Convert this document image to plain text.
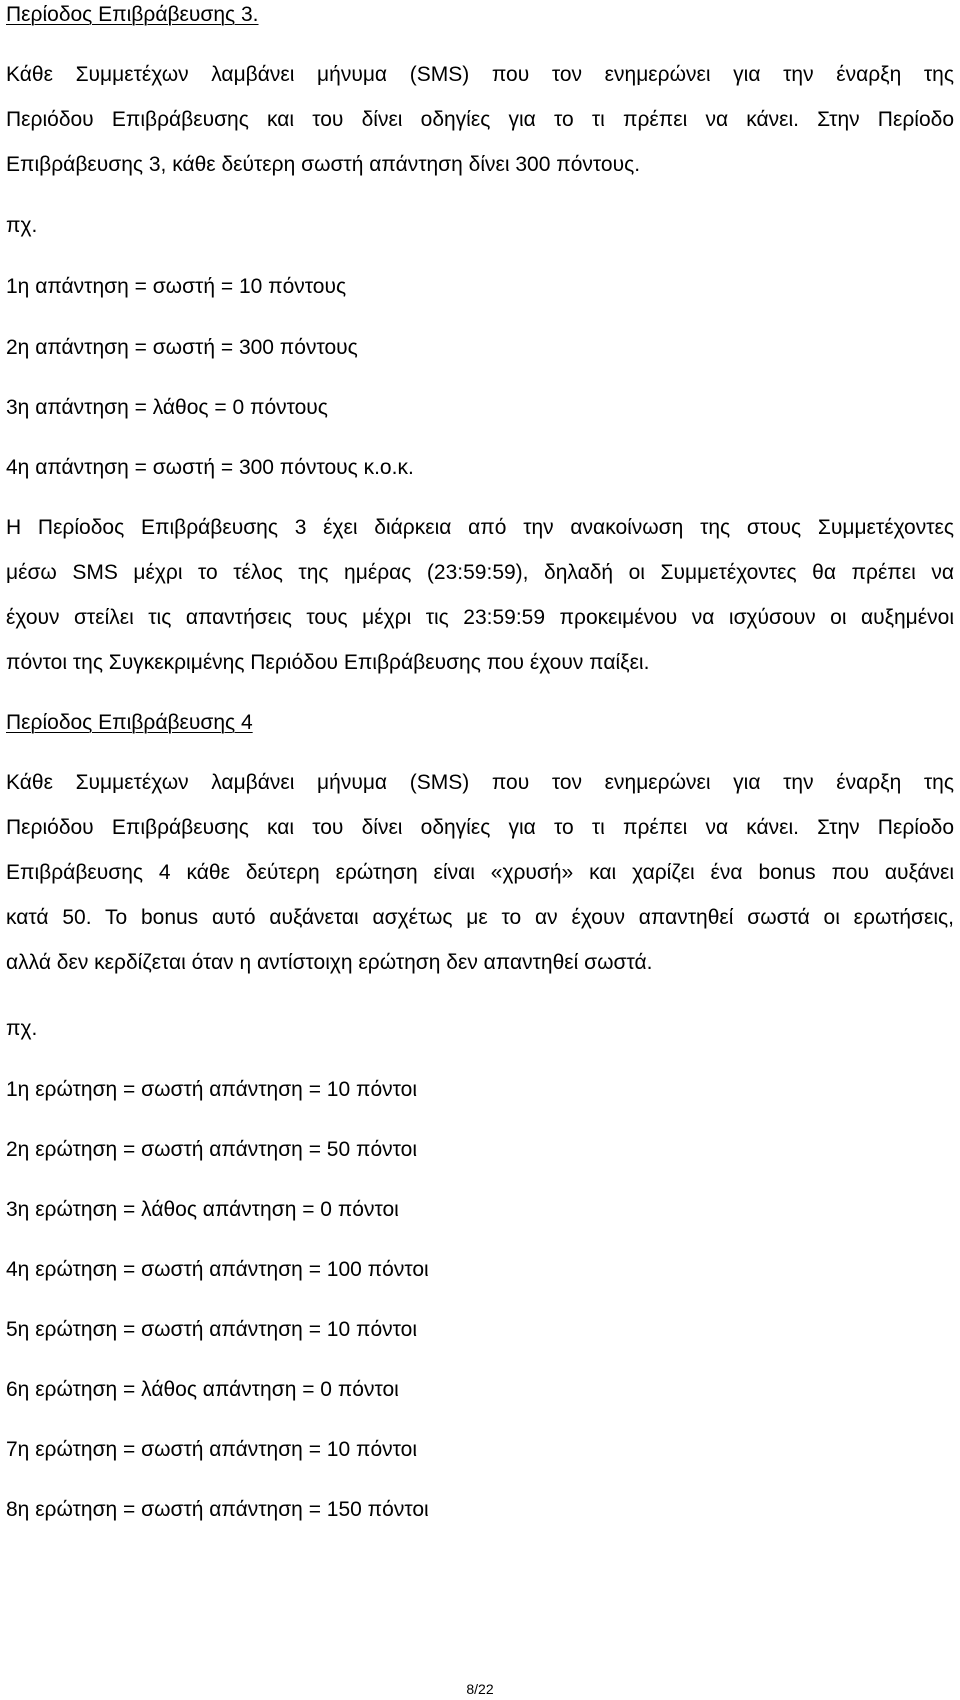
Περίοδος Επιβράβευσης 3.
Κάθε Συμμετέχων λαμβάνει μήνυμα (SMS) που τον ενημερώνει για την έναρξη της
Περιόδου Επιβράβευσης και του δίνει οδηγίες για το τι πρέπει να κάνει. Στην Περίοδο
Επιβράβευσης 3, κάθε δεύτερη σωστή απάντηση δίνει 300 πόντους.
πχ.
1η απάντηση = σωστή = 10 πόντους
2η απάντηση = σωστή = 300 πόντους
3η απάντηση = λάθος = 0 πόντους
4η απάντηση = σωστή = 300 πόντους κ.ο.κ.
Η Περίοδος Επιβράβευσης 3 έχει διάρκεια από την ανακοίνωση της στους Συμμετέχοντες
μέσω SMS μέχρι το τέλος της ημέρας (23:59:59), δηλαδή οι Συμμετέχοντες θα πρέπει να
έχουν στείλει τις απαντήσεις τους μέχρι τις 23:59:59 προκειμένου να ισχύσουν οι αυξημένοι
πόντοι της Συγκεκριμένης Περιόδου Επιβράβευσης που έχουν παίξει.
Περίοδος Επιβράβευσης 4
Κάθε Συμμετέχων λαμβάνει μήνυμα (SMS) που τον ενημερώνει για την έναρξη της
Περιόδου Επιβράβευσης και του δίνει οδηγίες για το τι πρέπει να κάνει. Στην Περίοδο
Επιβράβευσης 4 κάθε δεύτερη ερώτηση είναι «χρυσή» και χαρίζει ένα bonus που αυξάνει
κατά 50. Το bonus αυτό αυξάνεται ασχέτως με το αν έχουν απαντηθεί σωστά οι ερωτήσεις,
αλλά δεν κερδίζεται όταν η αντίστοιχη ερώτηση δεν απαντηθεί σωστά.
πχ.
1η ερώτηση = σωστή απάντηση = 10 πόντοι
2η ερώτηση = σωστή απάντηση = 50 πόντοι
3η ερώτηση = λάθος απάντηση = 0 πόντοι
4η ερώτηση = σωστή απάντηση = 100 πόντοι
5η ερώτηση = σωστή απάντηση = 10 πόντοι
6η ερώτηση = λάθος απάντηση = 0 πόντοι
7η ερώτηση = σωστή απάντηση = 10 πόντοι
8η ερώτηση = σωστή απάντηση = 150 πόντοι
8/22
